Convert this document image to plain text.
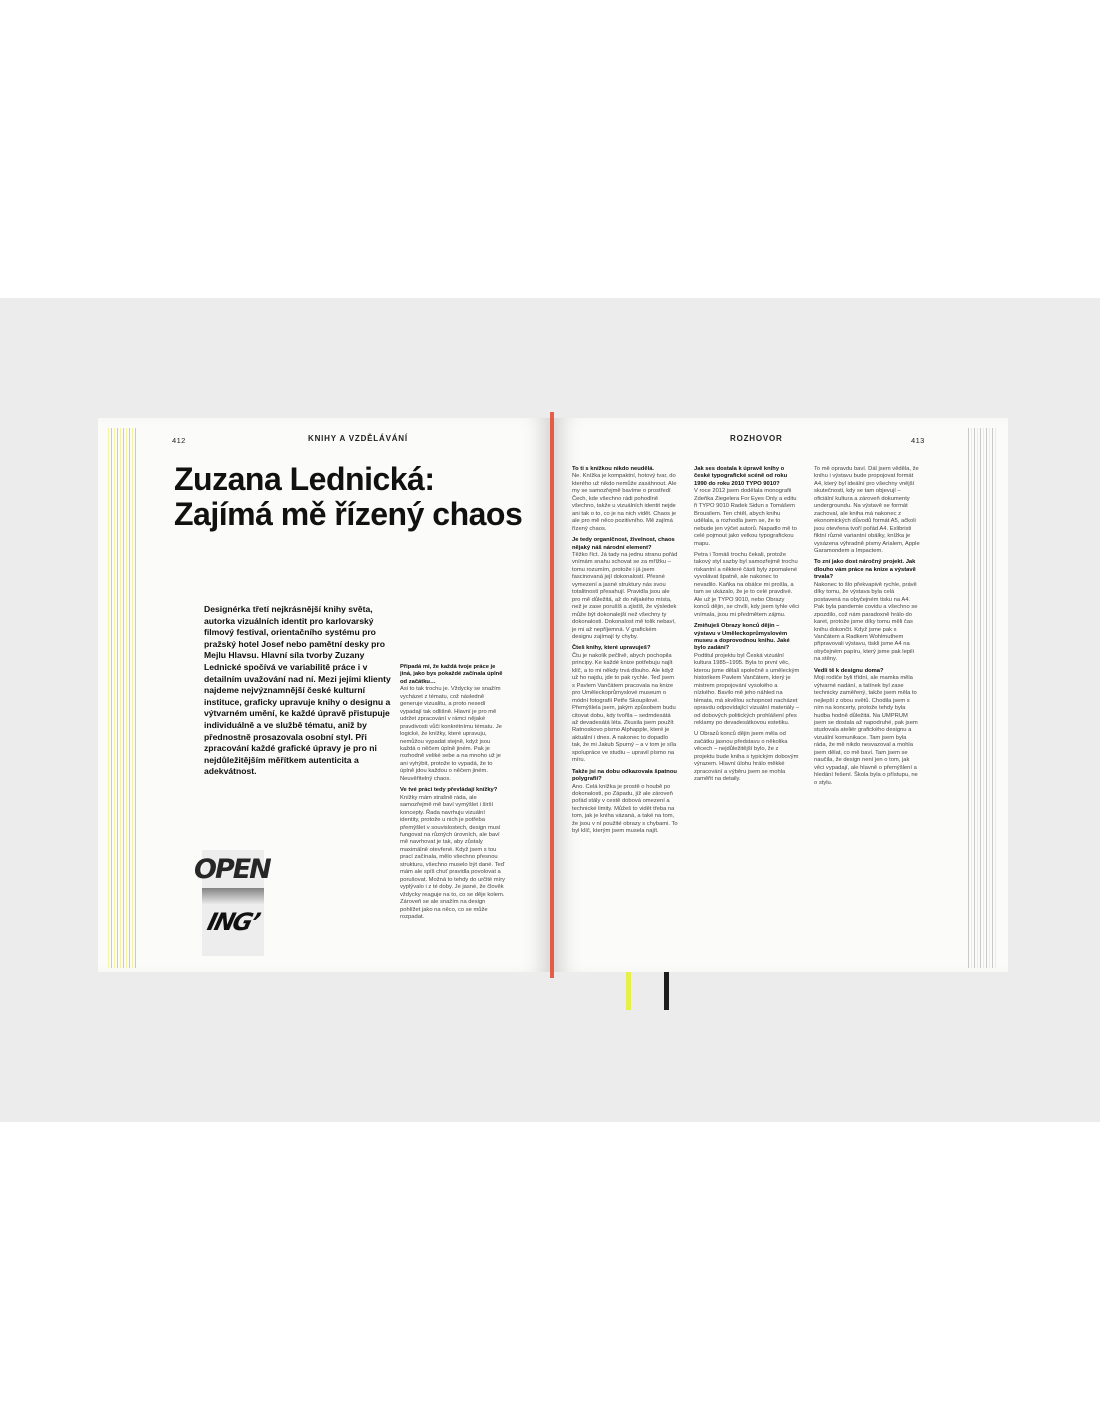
412	KNIHY A VZDĚLÁVÁNÍ
Zuzana Lednická:
Zajímá mě řízený chaos

Designérka třetí nejkrásnější knihy světa, autorka vizuálních identit pro karlovarský filmový festival, orientačního systému pro pražský hotel Josef nebo pamětní desky pro Mejlu Hlavsu. Hlavní síla tvorby Zuzany Lednické spočívá ve variabilitě práce i v detailním uvažování nad ní. Mezi jejími klienty najdeme nejvýznamnější české kulturní instituce, graficky upravuje knihy o designu a výtvarném umění, ke každé úpravě přistupuje individuálně a ve službě tématu, aniž by přednostně prosazovala osobní styl. Při zpracování každé grafické úpravy je pro ni nejdůležitějším měřítkem autenticita a adekvátnost.

OPEN
ING’

Připadá mi, že každá tvoje práce je jiná, jako bys pokaždé začínala úplně od začátku…

Asi to tak trochu je. Vždycky se snažím vycházet z tématu, což následně generuje vizualitu, a proto nesedí vypadají tak odlišně. Hlavní je pro mě udržet zpracování v rámci nějaké pravdivosti vůči konkrétnímu tématu. Je logické, že knížky, které upravuju, nemůžou vypadat stejně, když jsou každá o něčem úplně jiném. Pak je rozhodně veliké sebe a na mnoho už je ani vyhýbit, protože to vypadá, že to úplně jdou každou o něčem jiném. Neuvěřitelný chaos.

Ve tvé práci tedy převládají knížky?

Knížky mám strašně ráda, ale samozřejmě mě baví vymýšlet i širší koncepty. Řada navrhuju vizuální identity, protože u nich je potřeba přemýšlet v souvislostech, design musí fungovat na různých úrovních, ale baví mě navrhovat je tak, aby zůstaly maximálně otevřené. Když jsem s tou prací začínala, mělo všechno přesnou strukturu, všechno muselo být dané. Teď mám ale spíš chuť pravidla povolovat a porušovat. Možná to tehdy do určité míry vyplývalo i z té doby. Je jasné, že člověk vždycky reaguje na to, co se děje kolem. Zároveň se ale snažím na design pohlížet jako na něco, co se může rozpadat.

ROZHOVOR	413

To ti s knížkou nikdo neudělá.

Ne. Knížka je kompaktní, hotový tvar, do kterého už nikdo nemůže zasáhnout. Ale my se samozřejmě bavíme o prostředí Čech, kde všechno rádi pohodlně všechno, takže u vizuálních identit nejde ani tak o to, co je na nich vidět. Chaos je ale pro mě něco pozitivního. Mě zajímá řízený chaos.

Je tedy organičnost, živelnost, chaos nějaký náš národní element?

Těžko říct. Já tady na jednu stranu pořád vnímám snahu schovat se za mřížku – tomu rozumím, protože i já jsem fascinovaná její dokonalostí. Přesné vymezení a jasné struktury nás svou totalitností přesahují. Pravidla jsou ale pro mě důležitá, až do nějakého místa, než je zase porušíš a zjistíš, že výsledek může být dokonalejší než všechny ty dokonalosti. Dokonalost mě tolik nebaví, je mi až nepříjemná. V grafickém designu zajímají ty chyby.

Čteš knihy, které upravuješ?

Čtu je nakolik pečlivě, abych pochopila principy. Ke každé knize potřebuju najít klíč, a to mi někdy trvá dlouho. Ale když už ho najdu, jde to pak rychle. Teď jsem s Pavlem Vančátem pracovala na knize pro Uměleckoprůmyslové museum o módní fotografii Petře Skoupilové. Přemýšlela jsem, jakým způsobem budu citovat dobu, kdy tvořila – sedmdesátá až devadesátá léta. Zkusila jsem použít Ratnoskovo písmo Alphapple, které je aktuální i dnes. A nakonec to dopadlo tak, že mi Jakub Spurný – a v tom je síla spolupráce ve studiu – upravil písmo na míru.

Takže jsi na dobu odkazovala špatnou polygrafií?

Ano. Celá knížka je prostě o houbě po dokonalosti, po Západu, jíž ale zároveň pořád stály v cestě dobová omezení a technické limity. Můžeš to vidět třeba na tom, jak je kniha vázaná, a také na tom, že jsou v ní použité obrazy s chybami. To byl klíč, kterým jsem musela najít.

Jak ses dostala k úpravě knihy o české typografické scéně od roku 1990 do roku 2010 TYPO 9010?

V roce 2012 jsem dodělala monografii Zdeňka Ziegelera For Eyes Only a editu ři TYPO 9010 Radek Sidun s Tomášem Brousilem. Ten chtěl, abych knihu udělala, a rozhodla jsem se, že to nebude jen výčet autorů. Napadlo mě to celé pojmout jako velkou typografickou mapu.

Petra i Tomáš trochu čekali, protože takový styl sazby byl samozřejmě trochu riskantní a některé části byly zpomalené vyvolávat špatně, ale nakonec to nevadilo. Kaňka na obálce mi prošla, a tam se ukázalo, že je to celé pravdivé. Ale už je TYPO 9010, nebo Obrazy konců dějin, se chvíli, kdy jsem tyhle věci vnímala, jsou mi předmětem zájmu.

Zmiňuješ Obrazy konců dějin – výstavu v Uměleckoprůmyslovém museu a doprovodnou knihu. Jaké bylo zadání?

Podtitul projektu byl Česká vizuální kultura 1985–1995. Byla to první věc, kterou jsme dělali společně s uměleckým historikem Pavlem Vančátem, který je mistrem propojování vysokého a nízkého. Bavilo mě jeho náhled na témata, má skvělou schopnost nacházet opravdu odpovídající vizuální materiály – od dobových politických prohlášení přes reklamy po devadesátkovou estetiku.

U Obrazů konců dějin jsem měla od začátku jasnou představu o několika věcech – nejdůležitější bylo, že z projektu bude kniha s typickým dobovým výrazem. Hlavní úlohu hrálo měkké zpracování a výběru jsem se mohla zaměřit na detaily.

To mě opravdu baví. Dál jsem věděla, že knihu i výstavu bude propojovat formát A4, který byl ideální pro všechny vnější skutečnosti, kdy se tam objevují – oficiální kultura a zároveň dokumenty undergroundu. Na výstavě se formát zachoval, ale kniha má nakonec z ekonomických důvodů formát A5, ačkoli jsou otevřena tvoří pořád A4. Exlibristi fiktní různé variantní obálky, knížka je vysázena výhradně písmy Arialem, Apple Garamondem a Impactem.

To zní jako dost náročný projekt. Jak dlouho vám práce na knize a výstavě trvala?

Nakonec to šlo překvapivě rychle, právě díky tomu, že výstava byla celá postavená na obyčejném tisku na A4. Pak byla pandemie covidu a všechno se zpozdilo, což nám paradoxně hrálo do karet, protože jsme díky tomu měli čas knihu dokončit. Když jsme pak s Vančátem a Radkem Wohlmuthem připravovali výstavu, tiskli jsme A4 na obyčejném papíru, který jsme pak lepili na stěny.

Vedli tě k designu doma?

Moji rodiče byli třídní, ale mamka měla výtvarné nadání, a tatínek byl zase technicky zaměřený, takže jsem měla to nejlepší z obou světů. Chodila jsem s ním na koncerty, protože tehdy byla hudba hodně důležitá. Na UMPRUM jsem se dostala až napodruhé, pak jsem studovala ateliér grafického designu a vizuální komunikace. Tam jsem byla ráda, že mě nikdo nesvazoval a mohla jsem dělat, co mě baví. Tam jsem se naučila, že design není jen o tom, jak věci vypadají, ale hlavně o přemýšlení a hledání řešení. Škola byla o přístupu, ne o stylu.
